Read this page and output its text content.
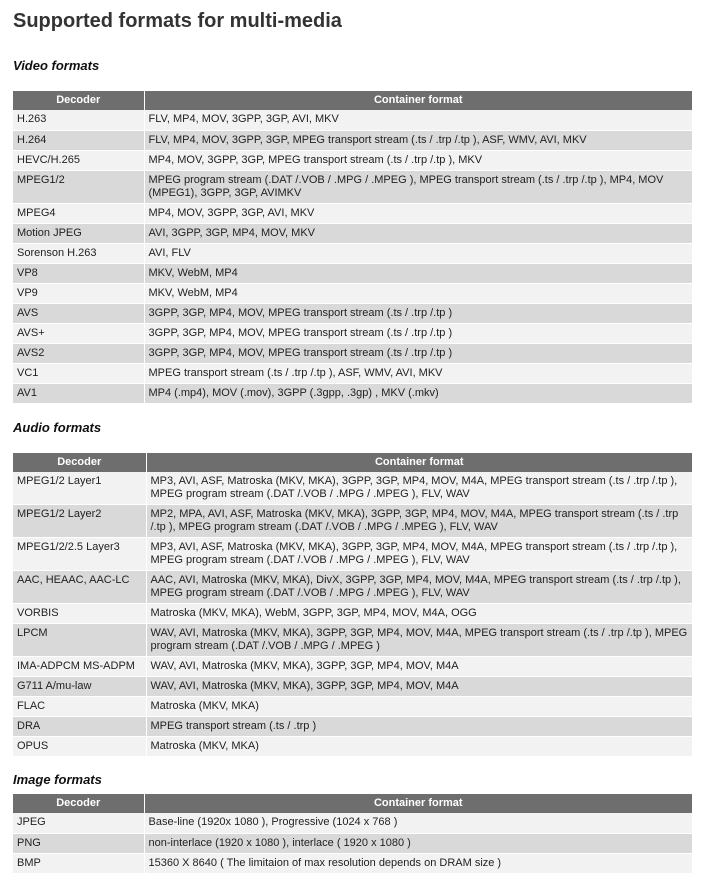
Supported formats for multi-media
Video formats
Decoder	Container format
H.263	FLV, MP4, MOV, 3GPP, 3GP, AVI, MKV
H.264	FLV, MP4, MOV, 3GPP, 3GP, MPEG transport stream (.ts / .trp /.tp ), ASF, WMV, AVI, MKV
HEVC/H.265	MP4, MOV, 3GPP, 3GP, MPEG transport stream (.ts / .trp /.tp ), MKV
MPEG1/2	MPEG program stream (.DAT /.VOB / .MPG / .MPEG ), MPEG transport stream (.ts / .trp /.tp ), MP4, MOV (MPEG1), 3GPP, 3GP, AVIMKV
MPEG4	MP4, MOV, 3GPP, 3GP, AVI, MKV
Motion JPEG	AVI, 3GPP, 3GP, MP4, MOV, MKV
Sorenson H.263	AVI, FLV
VP8	MKV, WebM, MP4
VP9	MKV, WebM, MP4
AVS	3GPP, 3GP, MP4, MOV, MPEG transport stream (.ts / .trp /.tp )
AVS+	3GPP, 3GP, MP4, MOV, MPEG transport stream (.ts / .trp /.tp )
AVS2	3GPP, 3GP, MP4, MOV, MPEG transport stream (.ts / .trp /.tp )
VC1	MPEG transport stream (.ts / .trp /.tp ), ASF, WMV, AVI, MKV
AV1	MP4 (.mp4), MOV (.mov), 3GPP (.3gpp, .3gp) , MKV (.mkv)
Audio formats
Decoder	Container format
MPEG1/2 Layer1	MP3, AVI, ASF, Matroska (MKV, MKA), 3GPP, 3GP, MP4, MOV, M4A, MPEG transport stream (.ts / .trp /.tp ), MPEG program stream (.DAT /.VOB / .MPG / .MPEG ), FLV, WAV
MPEG1/2 Layer2	MP2, MPA, AVI, ASF, Matroska (MKV, MKA), 3GPP, 3GP, MP4, MOV, M4A, MPEG transport stream (.ts / .trp /.tp ), MPEG program stream (.DAT /.VOB / .MPG / .MPEG ), FLV, WAV
MPEG1/2/2.5 Layer3	MP3, AVI, ASF, Matroska (MKV, MKA), 3GPP, 3GP, MP4, MOV, M4A, MPEG transport stream (.ts / .trp /.tp ), MPEG program stream (.DAT /.VOB / .MPG / .MPEG ), FLV, WAV
AAC, HEAAC, AAC-LC	AAC, AVI, Matroska (MKV, MKA), DivX, 3GPP, 3GP, MP4, MOV, M4A, MPEG transport stream (.ts / .trp /.tp ), MPEG program stream (.DAT /.VOB / .MPG / .MPEG ), FLV, WAV
VORBIS	Matroska (MKV, MKA), WebM, 3GPP, 3GP, MP4, MOV, M4A, OGG
LPCM	WAV, AVI, Matroska (MKV, MKA), 3GPP, 3GP, MP4, MOV, M4A, MPEG transport stream (.ts / .trp /.tp ), MPEG program stream (.DAT /.VOB / .MPG / .MPEG )
IMA-ADPCM MS-ADPM	WAV, AVI, Matroska (MKV, MKA), 3GPP, 3GP, MP4, MOV, M4A
G711 A/mu-law	WAV, AVI, Matroska (MKV, MKA), 3GPP, 3GP, MP4, MOV, M4A
FLAC	Matroska (MKV, MKA)
DRA	MPEG transport stream (.ts / .trp )
OPUS	Matroska (MKV, MKA)
Image formats
Decoder	Container format
JPEG	Base-line (1920x 1080 ), Progressive (1024 x 768 )
PNG	non-interlace (1920 x 1080 ), interlace ( 1920 x 1080 )
BMP	15360 X 8640 ( The limitaion of max resolution depends on DRAM size )
